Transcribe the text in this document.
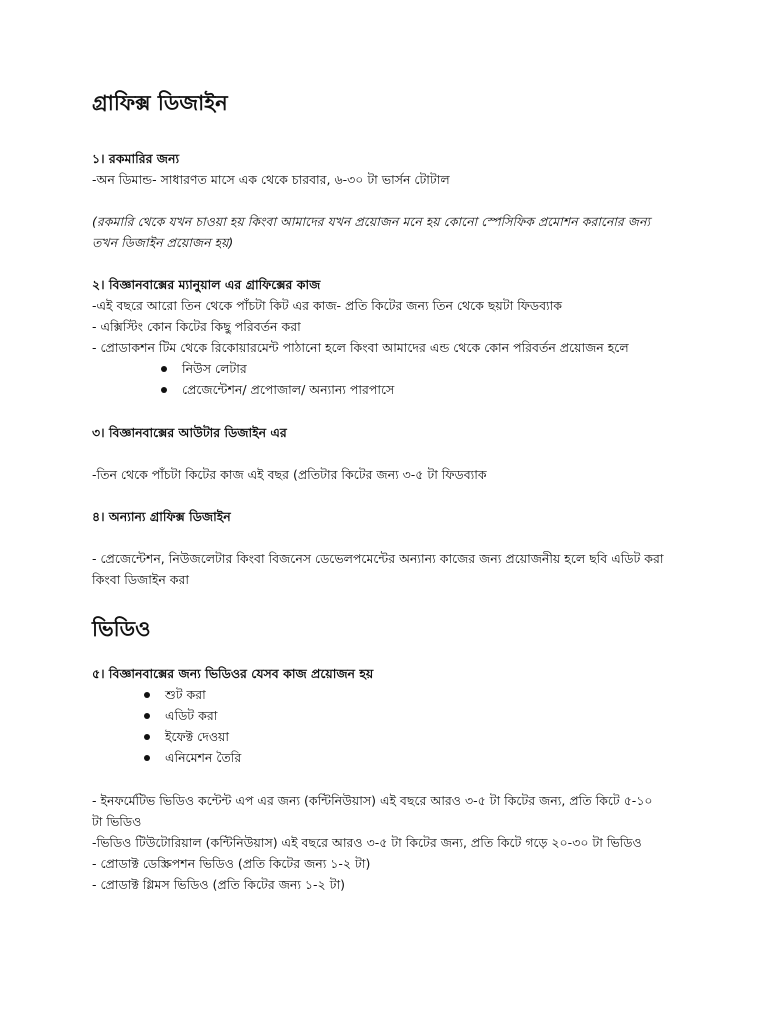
গ্রাফিক্স ডিজাইন
১। রকমারির জন্য
-অন ডিমান্ড- সাধারণত মাসে এক থেকে চারবার, ৬-৩০ টা ভার্সন টোটাল
(রকমারি থেকে যখন চাওয়া হয় কিংবা আমাদের যখন প্রয়োজন মনে হয় কোনো স্পেসিফিক প্রমোশন করানোর জন্য
তখন ডিজাইন প্রয়োজন হয়)
২। বিজ্ঞানবাক্সের ম্যানুয়াল এর গ্রাফিক্সের কাজ
-এই বছরে আরো তিন থেকে পাঁচটা কিট এর কাজ- প্রতি কিটের জন্য তিন থেকে ছয়টা ফিডব্যাক
- এক্সিস্টিং কোন কিটের কিছু পরিবর্তন করা
- প্রোডাকশন টিম থেকে রিকোয়ারমেন্ট পাঠানো হলে কিংবা আমাদের এন্ড থেকে কোন পরিবর্তন প্রয়োজন হলে
নিউস লেটার
প্রেজেন্টেশন/ প্রপোজাল/ অন্যান্য পারপাসে
৩। বিজ্ঞানবাক্সের আউটার ডিজাইন এর
-তিন থেকে পাঁচটা কিটের কাজ এই বছর (প্রতিটার কিটের জন্য ৩-৫ টা ফিডব্যাক
৪। অন্যান্য গ্রাফিক্স ডিজাইন
- প্রেজেন্টেশন, নিউজলেটার কিংবা বিজনেস ডেভেলপমেন্টের অন্যান্য কাজের জন্য প্রয়োজনীয় হলে ছবি এডিট করা
কিংবা ডিজাইন করা
ভিডিও
৫। বিজ্ঞানবাক্সের জন্য ভিডিওর যেসব কাজ প্রয়োজন হয়
শুট করা
এডিট করা
ইফেক্ট দেওয়া
এনিমেশন তৈরি
- ইনফর্মেটিভ ভিডিও কন্টেন্ট এপ এর জন্য (কন্টিনিউয়াস) এই বছরে আরও ৩-৫ টা কিটের জন্য, প্রতি কিটে ৫-১০
টা ভিডিও
-ভিডিও টিউটোরিয়াল (কন্টিনিউয়াস) এই বছরে আরও ৩-৫ টা কিটের জন্য, প্রতি কিটে গড়ে ২০-৩০ টা ভিডিও
- প্রোডাক্ট ডেস্ক্রিপশন ভিডিও (প্রতি কিটের জন্য ১-২ টা)
- প্রোডাক্ট গ্লিমস ভিডিও (প্রতি কিটের জন্য ১-২ টা)
